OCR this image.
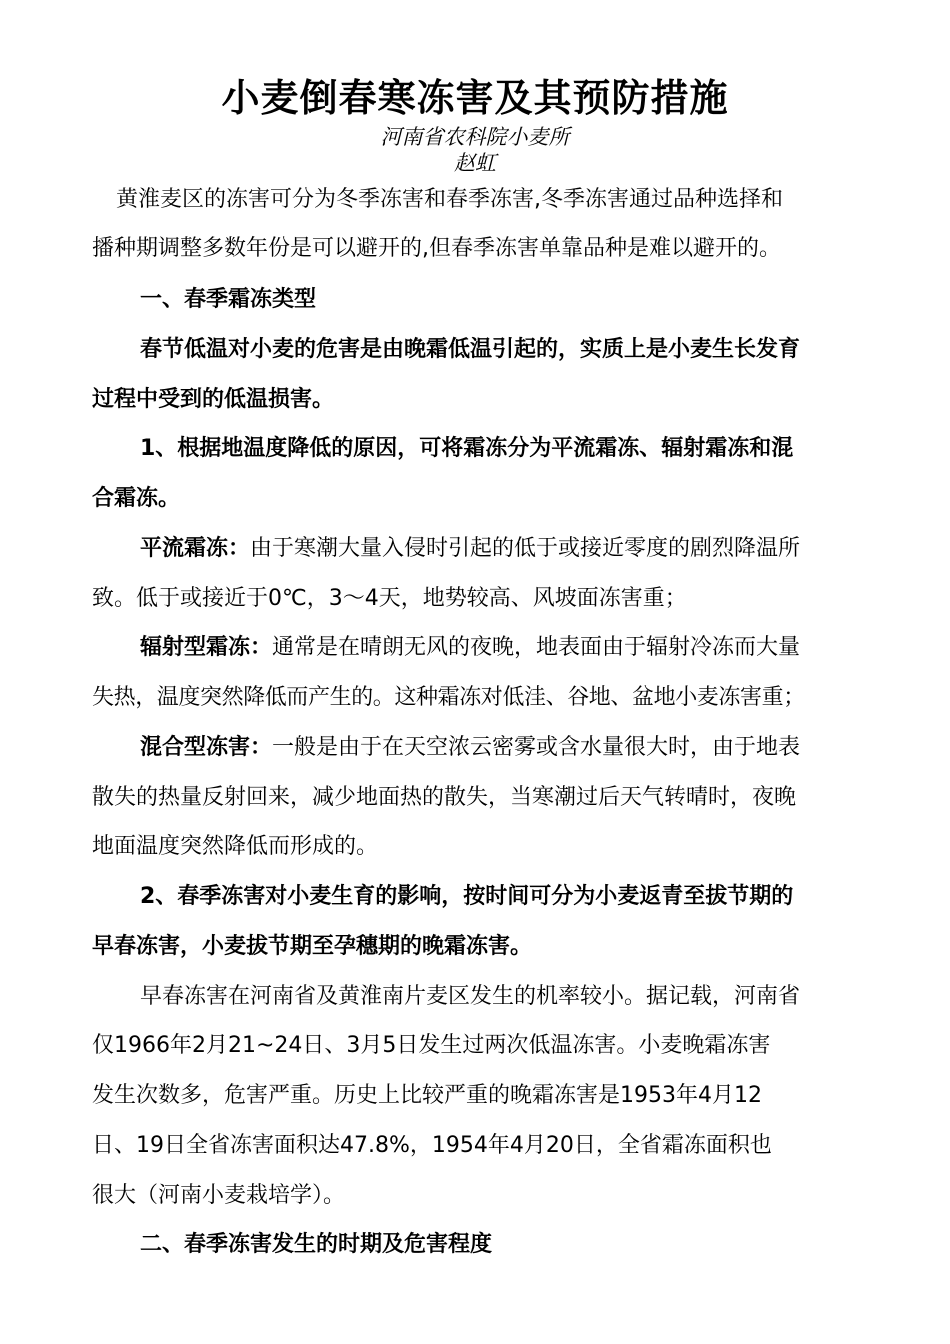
小麦倒春寒冻害及其预防措施
河南省农科院小麦所
赵虹
黄淮麦区的冻害可分为冬季冻害和春季冻害,冬季冻害通过品种选择和
播种期调整多数年份是可以避开的,但春季冻害单靠品种是难以避开的。
一、春季霜冻类型
春节低温对小麦的危害是由晚霜低温引起的，实质上是小麦生长发育
过程中受到的低温损害。
1、根据地温度降低的原因，可将霜冻分为平流霜冻、辐射霜冻和混
合霜冻。
平流霜冻：由于寒潮大量入侵时引起的低于或接近零度的剧烈降温所
致。低于或接近于0℃，3～4天，地势较高、风坡面冻害重；
辐射型霜冻：通常是在晴朗无风的夜晚，地表面由于辐射冷冻而大量
失热，温度突然降低而产生的。这种霜冻对低洼、谷地、盆地小麦冻害重；
混合型冻害：一般是由于在天空浓云密雾或含水量很大时，由于地表
散失的热量反射回来，减少地面热的散失，当寒潮过后天气转晴时，夜晚
地面温度突然降低而形成的。
2、春季冻害对小麦生育的影响，按时间可分为小麦返青至拔节期的
早春冻害，小麦拔节期至孕穗期的晚霜冻害。
早春冻害在河南省及黄淮南片麦区发生的机率较小。据记载，河南省
仅1966年2月21~24日、3月5日发生过两次低温冻害。小麦晚霜冻害
发生次数多，危害严重。历史上比较严重的晚霜冻害是1953年4月12
日、19日全省冻害面积达47.8%，1954年4月20日，全省霜冻面积也
很大（河南小麦栽培学）。
二、春季冻害发生的时期及危害程度
